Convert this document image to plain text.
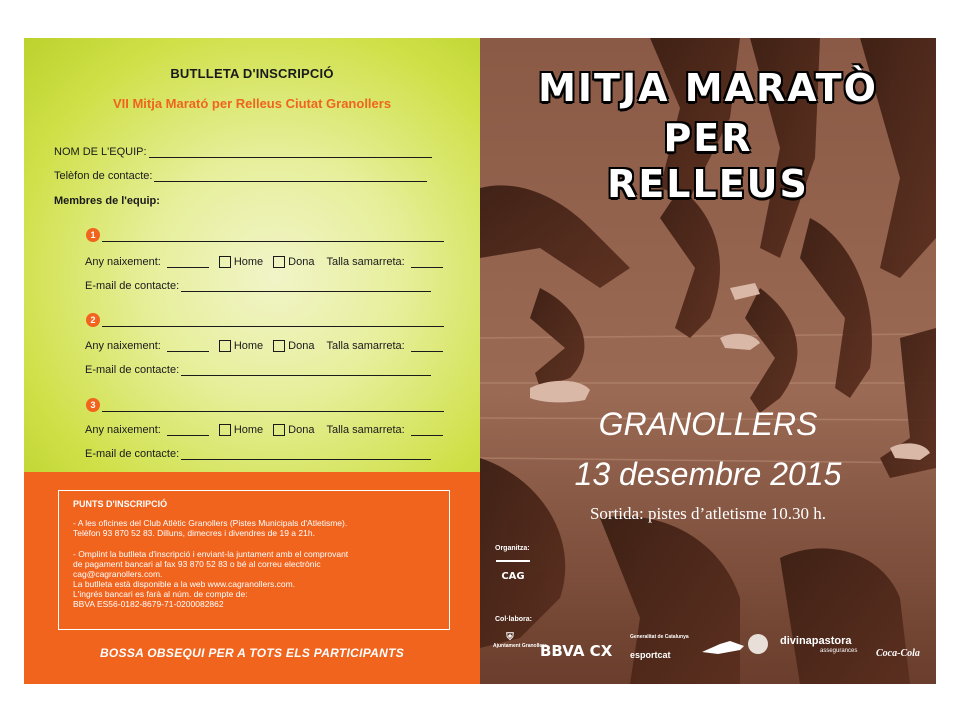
BUTLLETA D'INSCRIPCIÓ
VII Mitja Marató per Relleus Ciutat Granollers
NOM DE L'EQUIP:
Telèfon de contacte:
Membres de l'equip:
1
Any naixement:	Home Dona Talla samarreta:
E-mail de contacte:
2
Any naixement:	Home Dona Talla samarreta:
E-mail de contacte:
3
Any naixement:	Home Dona Talla samarreta:
E-mail de contacte:
PUNTS D'INSCRIPCIÓ
- A les oficines del Club Atlètic Granollers (Pistes Municipals d'Atletisme).
Telèfon 93 870 52 83. Dilluns, dimecres i divendres de 19 a 21h.
- Omplint la butlleta d'inscripció i enviant-la juntament amb el comprovant
de pagament bancari al fax 93 870 52 83 o bé al correu electrònic
cag@cagranollers.com.
La butlleta està disponible a la web www.cagranollers.com.
L'ingrés bancari es farà al núm. de compte de:
BBVA ES56-0182-8679-71-0200082862
BOSSA OBSEQUI PER A TOTS ELS PARTICIPANTS
MITJA MARATÒ
PER
RELLEUS
GRANOLLERS
13 desembre 2015
Sortida: pistes d’atletisme 10.30 h.
Organitza:
CAG
Col·labora:
⛨
Ajuntament Granollers
BBVA CX
Generalitat de Catalunya
esportcat
divinapastora
assegurances Coca-Cola
